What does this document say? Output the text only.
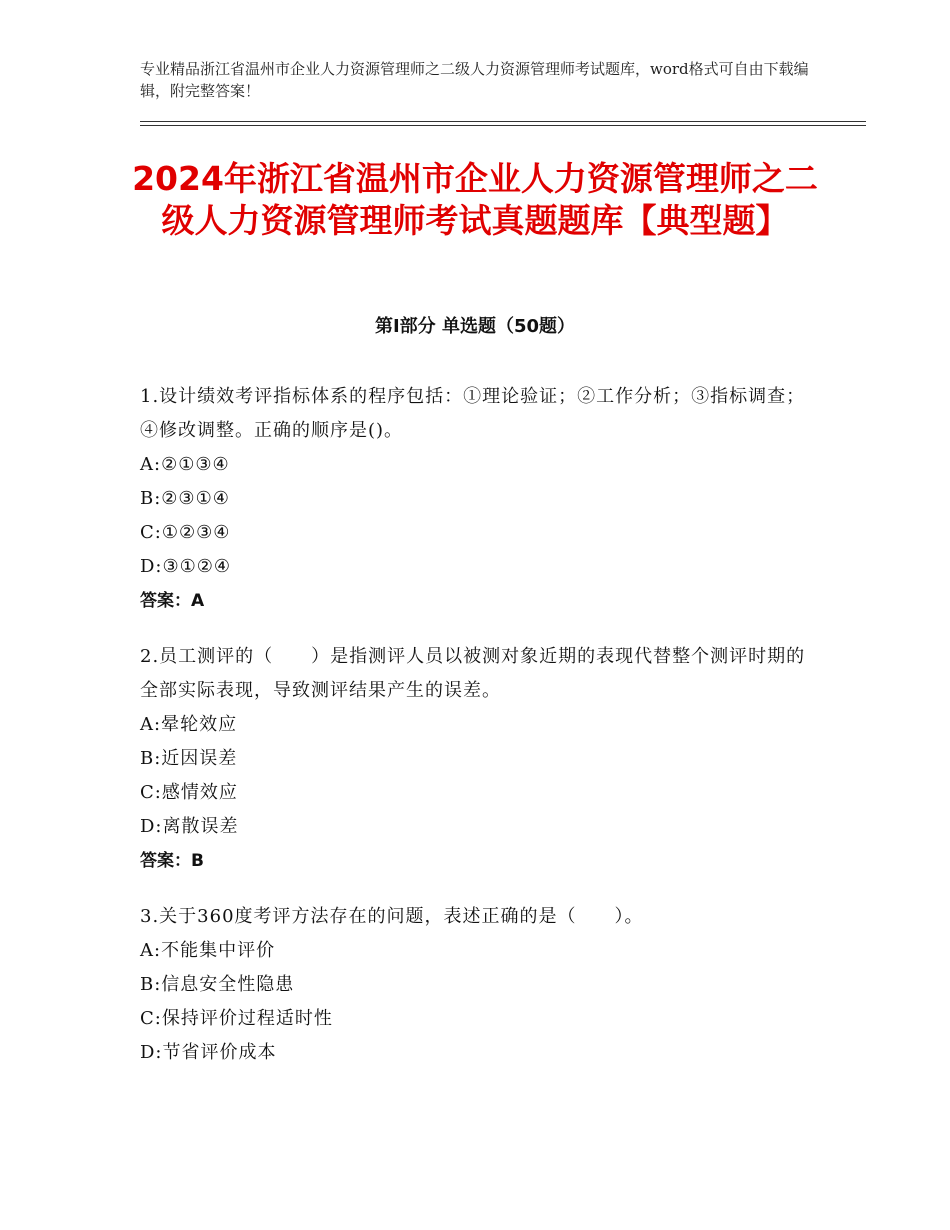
专业精品浙江省温州市企业人力资源管理师之二级人力资源管理师考试题库，word格式可自由下载编辑，附完整答案！
2024年浙江省温州市企业人力资源管理师之二级人力资源管理师考试真题题库【典型题】
第Ⅰ部分 单选题（50题）
1.设计绩效考评指标体系的程序包括：①理论验证；②工作分析；③指标调查；④修改调整。正确的顺序是()。
A:②①③④
B:②③①④
C:①②③④
D:③①②④
答案：A
2.员工测评的（　　）是指测评人员以被测对象近期的表现代替整个测评时期的全部实际表现，导致测评结果产生的误差。
A:晕轮效应
B:近因误差
C:感情效应
D:离散误差
答案：B
3.关于360度考评方法存在的问题，表述正确的是（　　）。
A:不能集中评价
B:信息安全性隐患
C:保持评价过程适时性
D:节省评价成本
